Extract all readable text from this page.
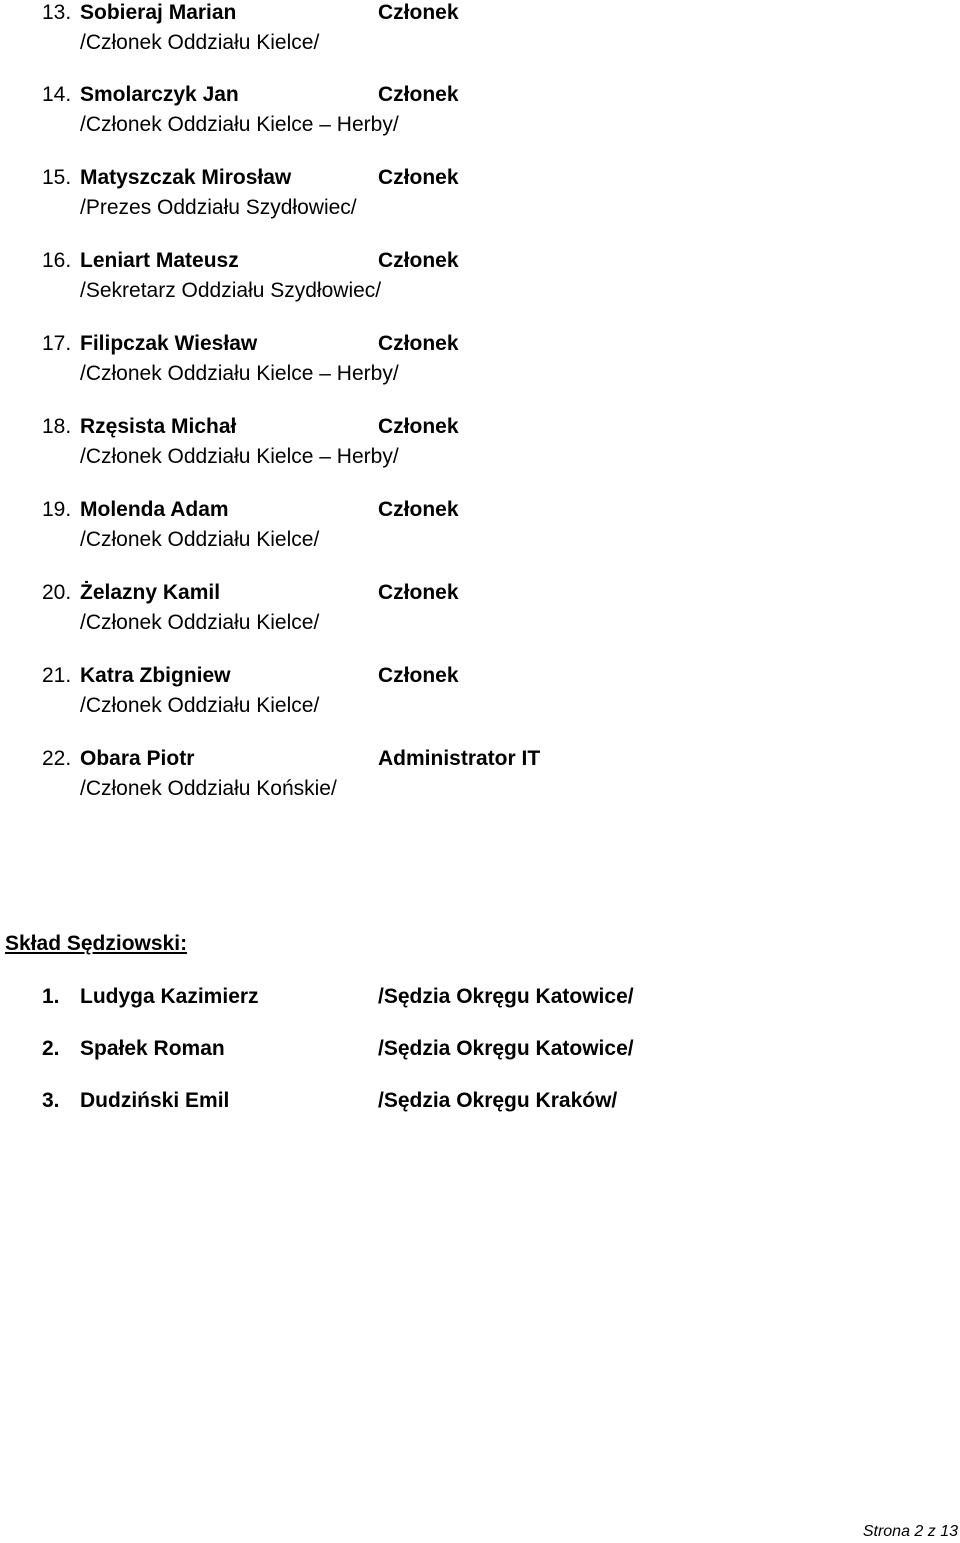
13. Sobieraj Marian	Członek
/Członek Oddziału Kielce/
14. Smolarczyk Jan	Członek
/Członek Oddziału Kielce – Herby/
15. Matyszczak Mirosław	Członek
/Prezes Oddziału Szydłowiec/
16. Leniart Mateusz	Członek
/Sekretarz Oddziału Szydłowiec/
17. Filipczak Wiesław	Członek
/Członek Oddziału Kielce – Herby/
18. Rzęsista Michał	Członek
/Członek Oddziału Kielce – Herby/
19. Molenda Adam	Członek
/Członek Oddziału Kielce/
20. Żelazny Kamil	Członek
/Członek Oddziału Kielce/
21. Katra Zbigniew	Członek
/Członek Oddziału Kielce/
22. Obara Piotr	Administrator IT
/Członek Oddziału Końskie/
Skład Sędziowski:
1. Ludyga Kazimierz	/Sędzia Okręgu Katowice/
2. Spałek Roman	/Sędzia Okręgu Katowice/
3. Dudziński Emil	/Sędzia Okręgu Kraków/
Strona 2 z 13
